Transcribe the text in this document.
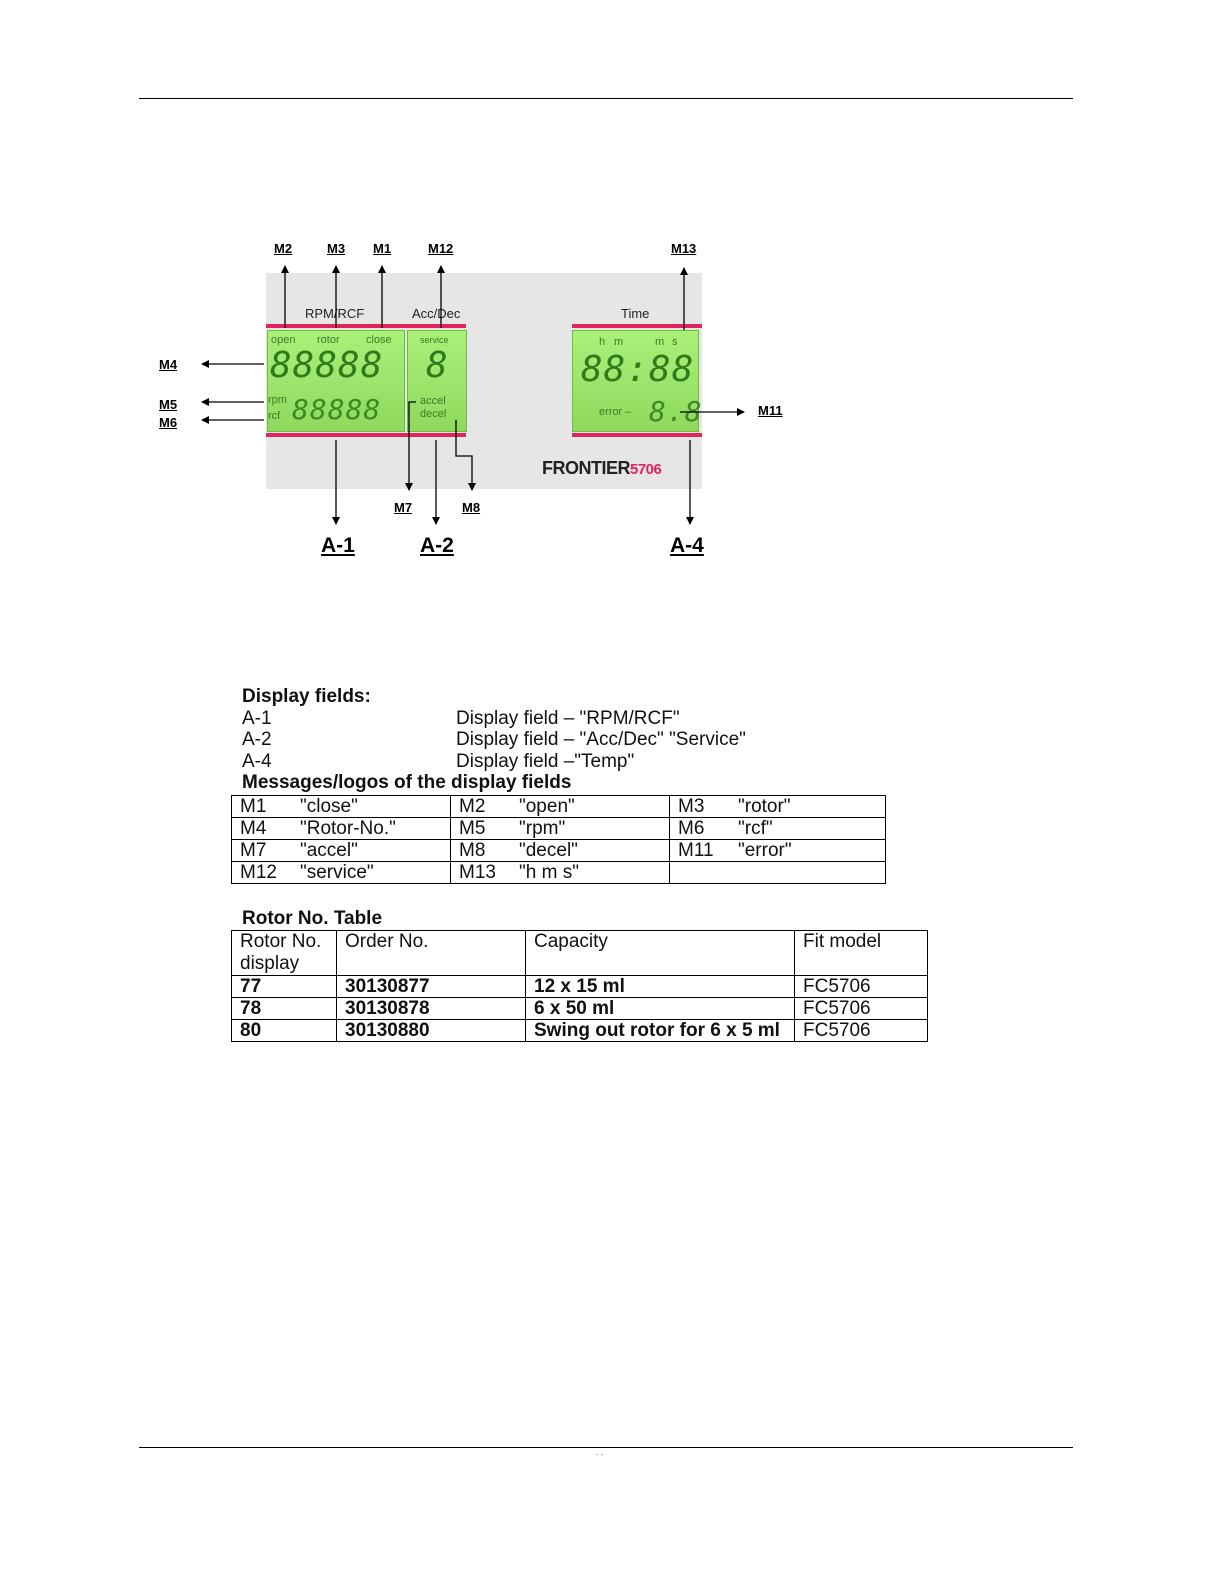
RPM/RCF	Acc/Dec	Time
open rotor close
88888
rpm
rcf 88888
service
8
accel
decel
h m	m s
88:88
error – 8.8
FRONTIER5706
M2	M3 M1	M12	M13
M4
M5
M6
M11
M7	M8
A-1	A-2	A-4
Display fields:
A-1	Display field – "RPM/RCF"
A-2	Display field – "Acc/Dec" "Service"
A-4	Display field –"Temp"
Messages/logos of the display fields
M1 "close"	M2 "open"	M3 "rotor"
M4 "Rotor-No."	M5 "rpm"	M6 "rcf"
M7 "accel"	M8 "decel"	M11 "error"
M12 "service"	M13 "h m s"	
Rotor No. Table
Rotor No. display	Order No.	Capacity	Fit model
77	30130877	12 x 15 ml	FC5706
78	30130878	6 x 50 ml	FC5706
80	30130880	Swing out rotor for 6 x 5 ml	FC5706
- -
